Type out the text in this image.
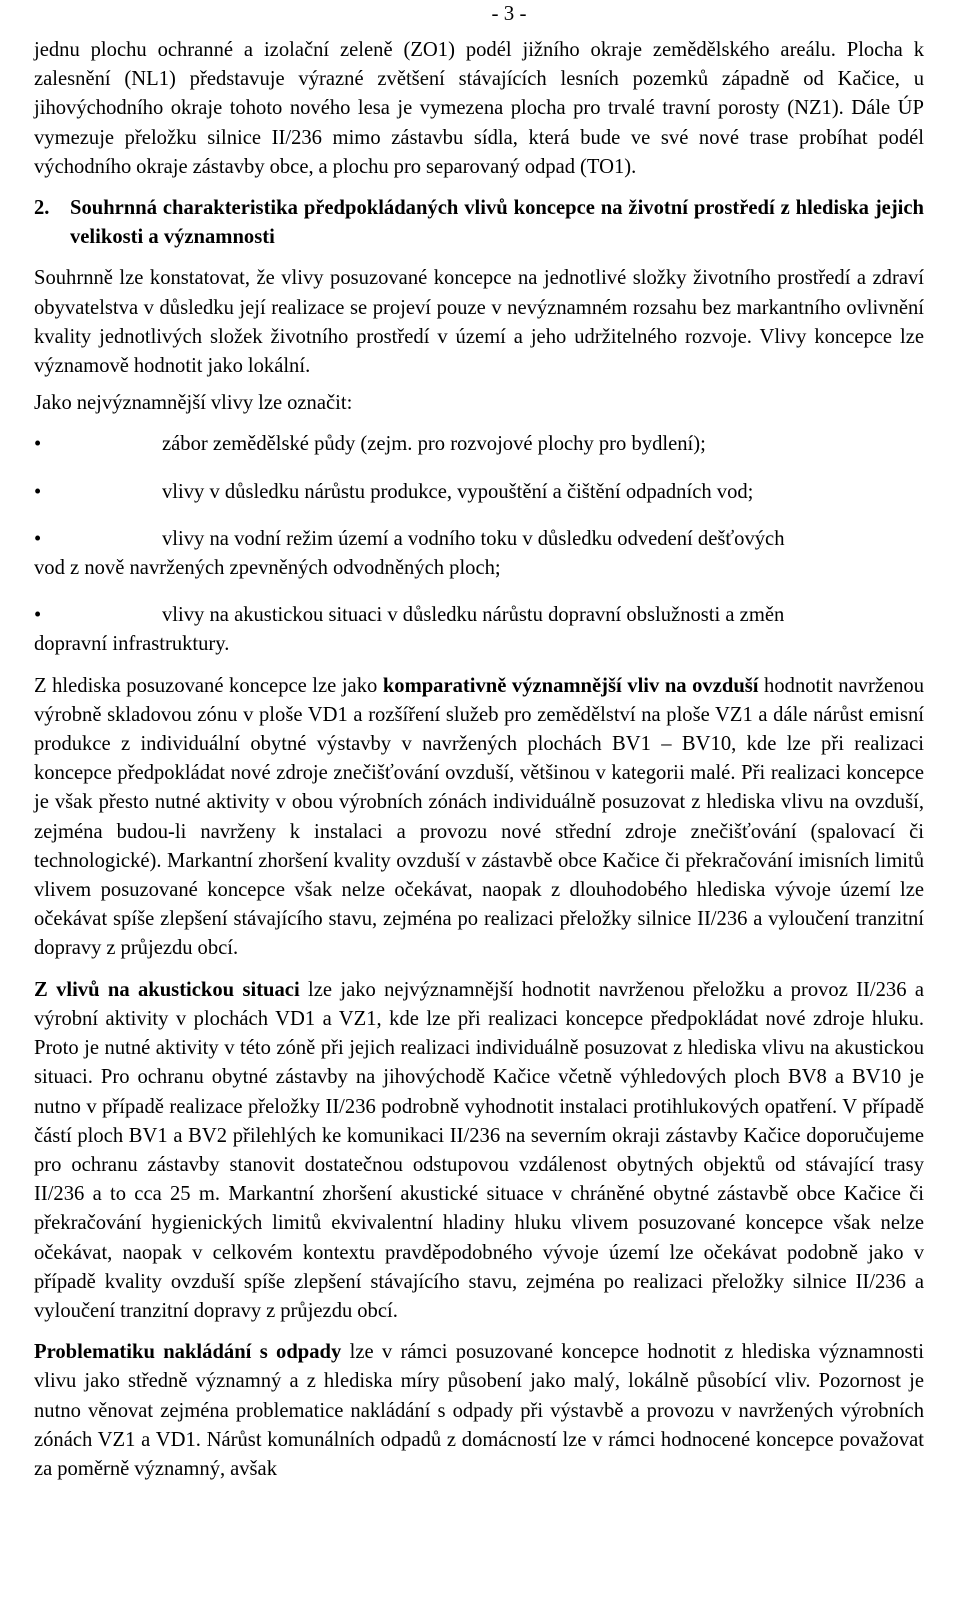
- 3 -

jednu plochu ochranné a izolační zeleně (ZO1) podél jižního okraje zemědělského areálu. Plocha k zalesnění (NL1) představuje výrazné zvětšení stávajících lesních pozemků západně od Kačice, u jihovýchodního okraje tohoto nového lesa je vymezena plocha pro trvalé travní porosty (NZ1). Dále ÚP vymezuje přeložku silnice II/236 mimo zástavbu sídla, která bude ve své nové trase probíhat podél východního okraje zástavby obce, a plochu pro separovaný odpad (TO1).

2. Souhrnná charakteristika předpokládaných vlivů koncepce na životní prostředí z hlediska jejich velikosti a významnosti

Souhrnně lze konstatovat, že vlivy posuzované koncepce na jednotlivé složky životního prostředí a zdraví obyvatelstva v důsledku její realizace se projeví pouze v nevýznamném rozsahu bez markantního ovlivnění kvality jednotlivých složek životního prostředí v území a jeho udržitelného rozvoje. Vlivy koncepce lze významově hodnotit jako lokální.

Jako nejvýznamnější vlivy lze označit:

•	zábor zemědělské půdy (zejm. pro rozvojové plochy pro bydlení);
•	vlivy v důsledku nárůstu produkce, vypouštění a čištění odpadních vod;
•	vlivy na vodní režim území a vodního toku v důsledku odvedení dešťových
vod z nově navržených zpevněných odvodněných ploch;
•	vlivy na akustickou situaci v důsledku nárůstu dopravní obslužnosti a změn
dopravní infrastruktury.

Z hlediska posuzované koncepce lze jako komparativně významnější vliv na ovzduší hodnotit navrženou výrobně skladovou zónu v ploše VD1 a rozšíření služeb pro zemědělství na ploše VZ1 a dále nárůst emisní produkce z individuální obytné výstavby v navržených plochách BV1 – BV10, kde lze při realizaci koncepce předpokládat nové zdroje znečišťování ovzduší, většinou v kategorii malé. Při realizaci koncepce je však přesto nutné aktivity v obou výrobních zónách individuálně posuzovat z hlediska vlivu na ovzduší, zejména budou-li navrženy k instalaci a provozu nové střední zdroje znečišťování (spalovací či technologické). Markantní zhoršení kvality ovzduší v zástavbě obce Kačice či překračování imisních limitů vlivem posuzované koncepce však nelze očekávat, naopak z dlouhodobého hlediska vývoje území lze očekávat spíše zlepšení stávajícího stavu, zejména po realizaci přeložky silnice II/236 a vyloučení tranzitní dopravy z průjezdu obcí.

Z vlivů na akustickou situaci lze jako nejvýznamnější hodnotit navrženou přeložku a provoz II/236 a výrobní aktivity v plochách VD1 a VZ1, kde lze při realizaci koncepce předpokládat nové zdroje hluku. Proto je nutné aktivity v této zóně při jejich realizaci individuálně posuzovat z hlediska vlivu na akustickou situaci. Pro ochranu obytné zástavby na jihovýchodě Kačice včetně výhledových ploch BV8 a BV10 je nutno v případě realizace přeložky II/236 podrobně vyhodnotit instalaci protihlukových opatření. V případě částí ploch BV1 a BV2 přilehlých ke komunikaci II/236 na severním okraji zástavby Kačice doporučujeme pro ochranu zástavby stanovit dostatečnou odstupovou vzdálenost obytných objektů od stávající trasy II/236 a to cca 25 m. Markantní zhoršení akustické situace v chráněné obytné zástavbě obce Kačice či překračování hygienických limitů ekvivalentní hladiny hluku vlivem posuzované koncepce však nelze očekávat, naopak v celkovém kontextu pravděpodobného vývoje území lze očekávat podobně jako v případě kvality ovzduší spíše zlepšení stávajícího stavu, zejména po realizaci přeložky silnice II/236 a vyloučení tranzitní dopravy z průjezdu obcí.

Problematiku nakládání s odpady lze v rámci posuzované koncepce hodnotit z hlediska významnosti vlivu jako středně významný a z hlediska míry působení jako malý, lokálně působící vliv. Pozornost je nutno věnovat zejména problematice nakládání s odpady při výstavbě a provozu v navržených výrobních zónách VZ1 a VD1. Nárůst komunálních odpadů z domácností lze v rámci hodnocené koncepce považovat za poměrně významný, avšak
